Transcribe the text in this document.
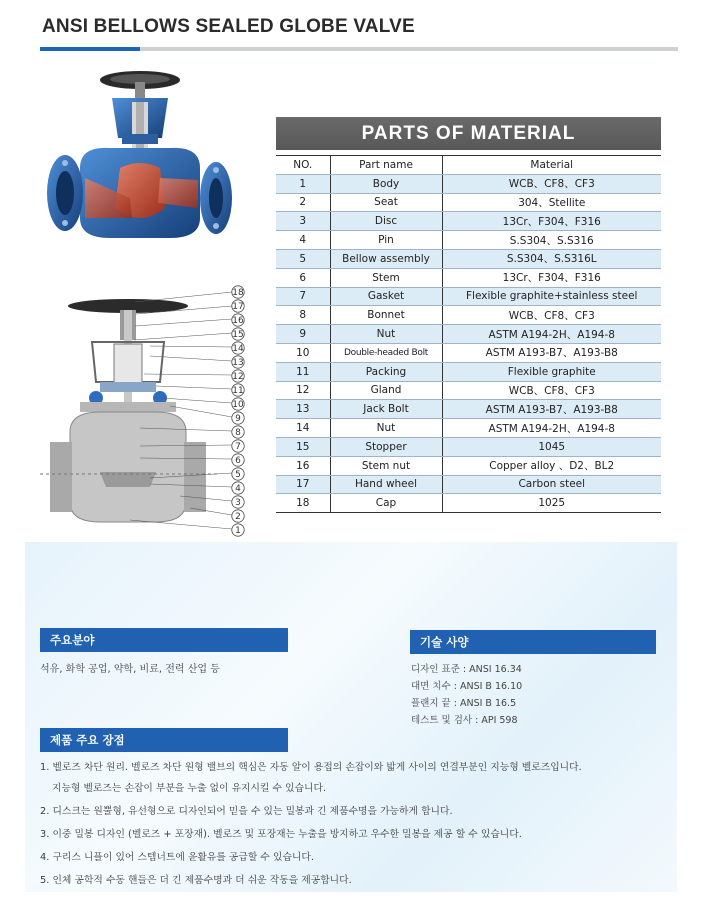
ANSI BELLOWS SEALED GLOBE VALVE
18
17
16
15
14
13
12
11
10
9
8
7
6
5
4
3
2
1
PARTS OF MATERIAL
NO.	Part name	Material
1	Body	WCB、CF8、CF3
2	Seat	304、Stellite
3	Disc	13Cr、F304、F316
4	Pin	S.S304、S.S316
5	Bellow assembly	S.S304、S.S316L
6	Stem	13Cr、F304、F316
7	Gasket	Flexible graphite+stainless steel
8	Bonnet	WCB、CF8、CF3
9	Nut	ASTM A194-2H、A194-8
10	Double-headed Bolt	ASTM A193-B7、A193-B8
11	Packing	Flexible graphite
12	Gland	WCB、CF8、CF3
13	Jack Bolt	ASTM A193-B7、A193-B8
14	Nut	ASTM A194-2H、A194-8
15	Stopper	1045
16	Stem nut	Copper alloy 、D2、BL2
17	Hand wheel	Carbon steel
18	Cap	1025
주요분야
석유, 화학 공업, 약학, 비료, 전력 산업 등
기술 사양
디자인 표준 : ANSI 16.34
대면 치수 : ANSI B 16.10
플랜지 끝 : ANSI B 16.5
테스트 및 검사 : API 598
제품 주요 장점
1. 벨로즈 차단 원리. 벨로즈 차단 원형 밸브의 핵심은 자동 알이 용접의 손잡이와 밟게 사이의 연결부분인 지능형 벨로즈입니다.
지능형 벨로즈는 손잡이 부분을 누출 없이 유지시킬 수 있습니다.
2. 디스크는 원뿔형, 유선형으로 디자인되어 믿을 수 있는 밀봉과 긴 제품수명을 가능하게 합니다.
3. 이중 밀봉 디자인 (벨로즈 + 포장재). 벨로즈 및 포장재는 누출을 방지하고 우수한 밀봉을 제공 할 수 있습니다.
4. 구리스 니플이 있어 스템너트에 윤활유를 공급할 수 있습니다.
5. 인체 공학적 수동 핸들은 더 긴 제품수명과 더 쉬운 작동을 제공합니다.
